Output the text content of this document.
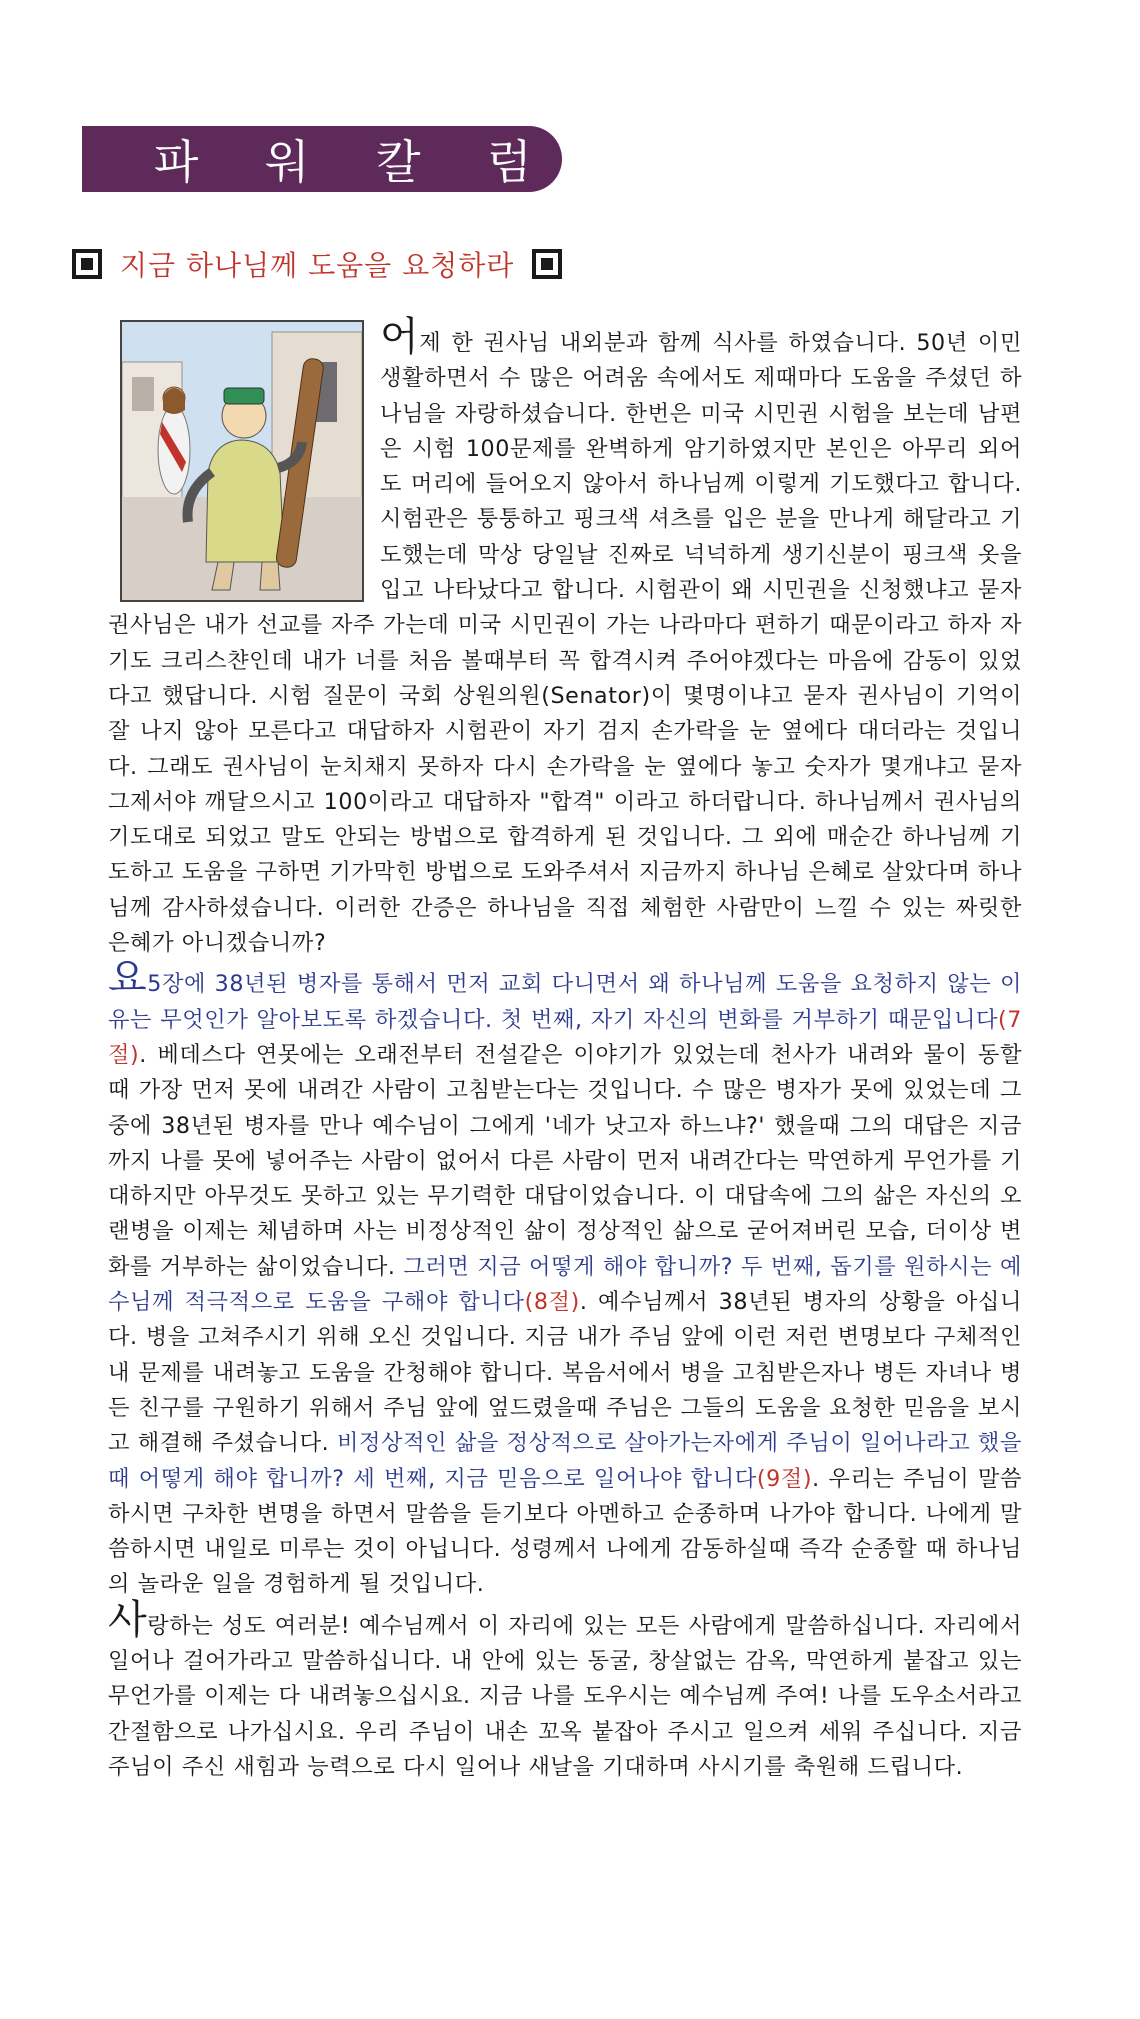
파 워 칼 럼
지금 하나님께 도움을 요청하라

어제 한 권사님 내외분과 함께 식사를 하였습니다. 50년 이민생활하면서 수 많은 어려움 속에서도 제때마다 도움을 주셨던 하나님을 자랑하셨습니다. 한번은 미국 시민권 시험을 보는데 남편은 시험 100문제를 완벽하게 암기하였지만 본인은 아무리 외어도 머리에 들어오지 않아서 하나님께 이렇게 기도했다고 합니다. 시험관은 퉁퉁하고 핑크색 셔츠를 입은 분을 만나게 해달라고 기도했는데 막상 당일날 진짜로 넉넉하게 생기신분이 핑크색 옷을 입고 나타났다고 합니다. 시험관이 왜 시민권을 신청했냐고 묻자 권사님은 내가 선교를 자주 가는데 미국 시민권이 가는 나라마다 편하기 때문이라고 하자 자기도 크리스챤인데 내가 너를 처음 볼때부터 꼭 합격시켜 주어야겠다는 마음에 감동이 있었다고 했답니다. 시험 질문이 국회 상원의원(Senator)이 몇명이냐고 묻자 권사님이 기억이 잘 나지 않아 모른다고 대답하자 시험관이 자기 검지 손가락을 눈 옆에다 대더라는 것입니다. 그래도 권사님이 눈치채지 못하자 다시 손가락을 눈 옆에다 놓고 숫자가 몇개냐고 묻자 그제서야 깨달으시고 100이라고 대답하자 "합격" 이라고 하더랍니다. 하나님께서 권사님의 기도대로 되었고 말도 안되는 방법으로 합격하게 된 것입니다. 그 외에 매순간 하나님께 기도하고 도움을 구하면 기가막힌 방법으로 도와주셔서 지금까지 하나님 은혜로 살았다며 하나님께 감사하셨습니다. 이러한 간증은 하나님을 직접 체험한 사람만이 느낄 수 있는 짜릿한 은혜가 아니겠습니까?

요5장에 38년된 병자를 통해서 먼저 교회 다니면서 왜 하나님께 도움을 요청하지 않는 이유는 무엇인가 알아보도록 하겠습니다. 첫 번째, 자기 자신의 변화를 거부하기 때문입니다(7절). 베데스다 연못에는 오래전부터 전설같은 이야기가 있었는데 천사가 내려와 물이 동할 때 가장 먼저 못에 내려간 사람이 고침받는다는 것입니다. 수 많은 병자가 못에 있었는데 그 중에 38년된 병자를 만나 예수님이 그에게 '네가 낫고자 하느냐?' 했을때 그의 대답은 지금까지 나를 못에 넣어주는 사람이 없어서 다른 사람이 먼저 내려간다는 막연하게 무언가를 기대하지만 아무것도 못하고 있는 무기력한 대답이었습니다. 이 대답속에 그의 삶은 자신의 오랜병을 이제는 체념하며 사는 비정상적인 삶이 정상적인 삶으로 굳어져버린 모습, 더이상 변화를 거부하는 삶이었습니다. 그러면 지금 어떻게 해야 합니까? 두 번째, 돕기를 원하시는 예수님께 적극적으로 도움을 구해야 합니다(8절). 예수님께서 38년된 병자의 상황을 아십니다. 병을 고쳐주시기 위해 오신 것입니다. 지금 내가 주님 앞에 이런 저런 변명보다 구체적인 내 문제를 내려놓고 도움을 간청해야 합니다. 복음서에서 병을 고침받은자나 병든 자녀나 병든 친구를 구원하기 위해서 주님 앞에 엎드렸을때 주님은 그들의 도움을 요청한 믿음을 보시고 해결해 주셨습니다. 비정상적인 삶을 정상적으로 살아가는자에게 주님이 일어나라고 했을 때 어떻게 해야 합니까? 세 번째, 지금 믿음으로 일어나야 합니다(9절). 우리는 주님이 말씀하시면 구차한 변명을 하면서 말씀을 듣기보다 아멘하고 순종하며 나가야 합니다. 나에게 말씀하시면 내일로 미루는 것이 아닙니다. 성령께서 나에게 감동하실때 즉각 순종할 때 하나님의 놀라운 일을 경험하게 될 것입니다.

사랑하는 성도 여러분! 예수님께서 이 자리에 있는 모든 사람에게 말씀하십니다. 자리에서 일어나 걸어가라고 말씀하십니다. 내 안에 있는 동굴, 창살없는 감옥, 막연하게 붙잡고 있는 무언가를 이제는 다 내려놓으십시요. 지금 나를 도우시는 예수님께 주여! 나를 도우소서라고 간절함으로 나가십시요. 우리 주님이 내손 꼬옥 붙잡아 주시고 일으켜 세워 주십니다. 지금 주님이 주신 새힘과 능력으로 다시 일어나 새날을 기대하며 사시기를 축원해 드립니다.
